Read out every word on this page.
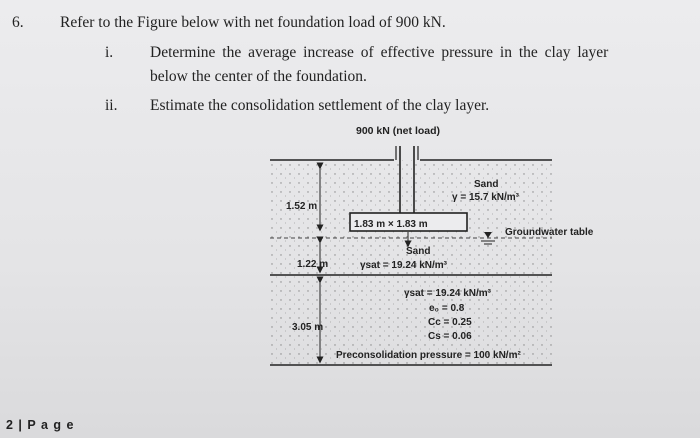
6. Refer to the Figure below with net foundation load of 900 kN.
i. Determine the average increase of effective pressure in the clay layer
below the center of the foundation.
ii. Estimate the consolidation settlement of the clay layer.
900 kN (net load)
1.52 m
1.83 m × 1.83 m
Sand
γ = 15.7 kN/m³
Groundwater table
Sand
γsat = 19.24 kN/m³
1.22 m
γsat = 19.24 kN/m³
e₀ = 0.8
Cc = 0.25
Cs = 0.06
3.05 m
Preconsolidation pressure = 100 kN/m²
2 | P a g e
